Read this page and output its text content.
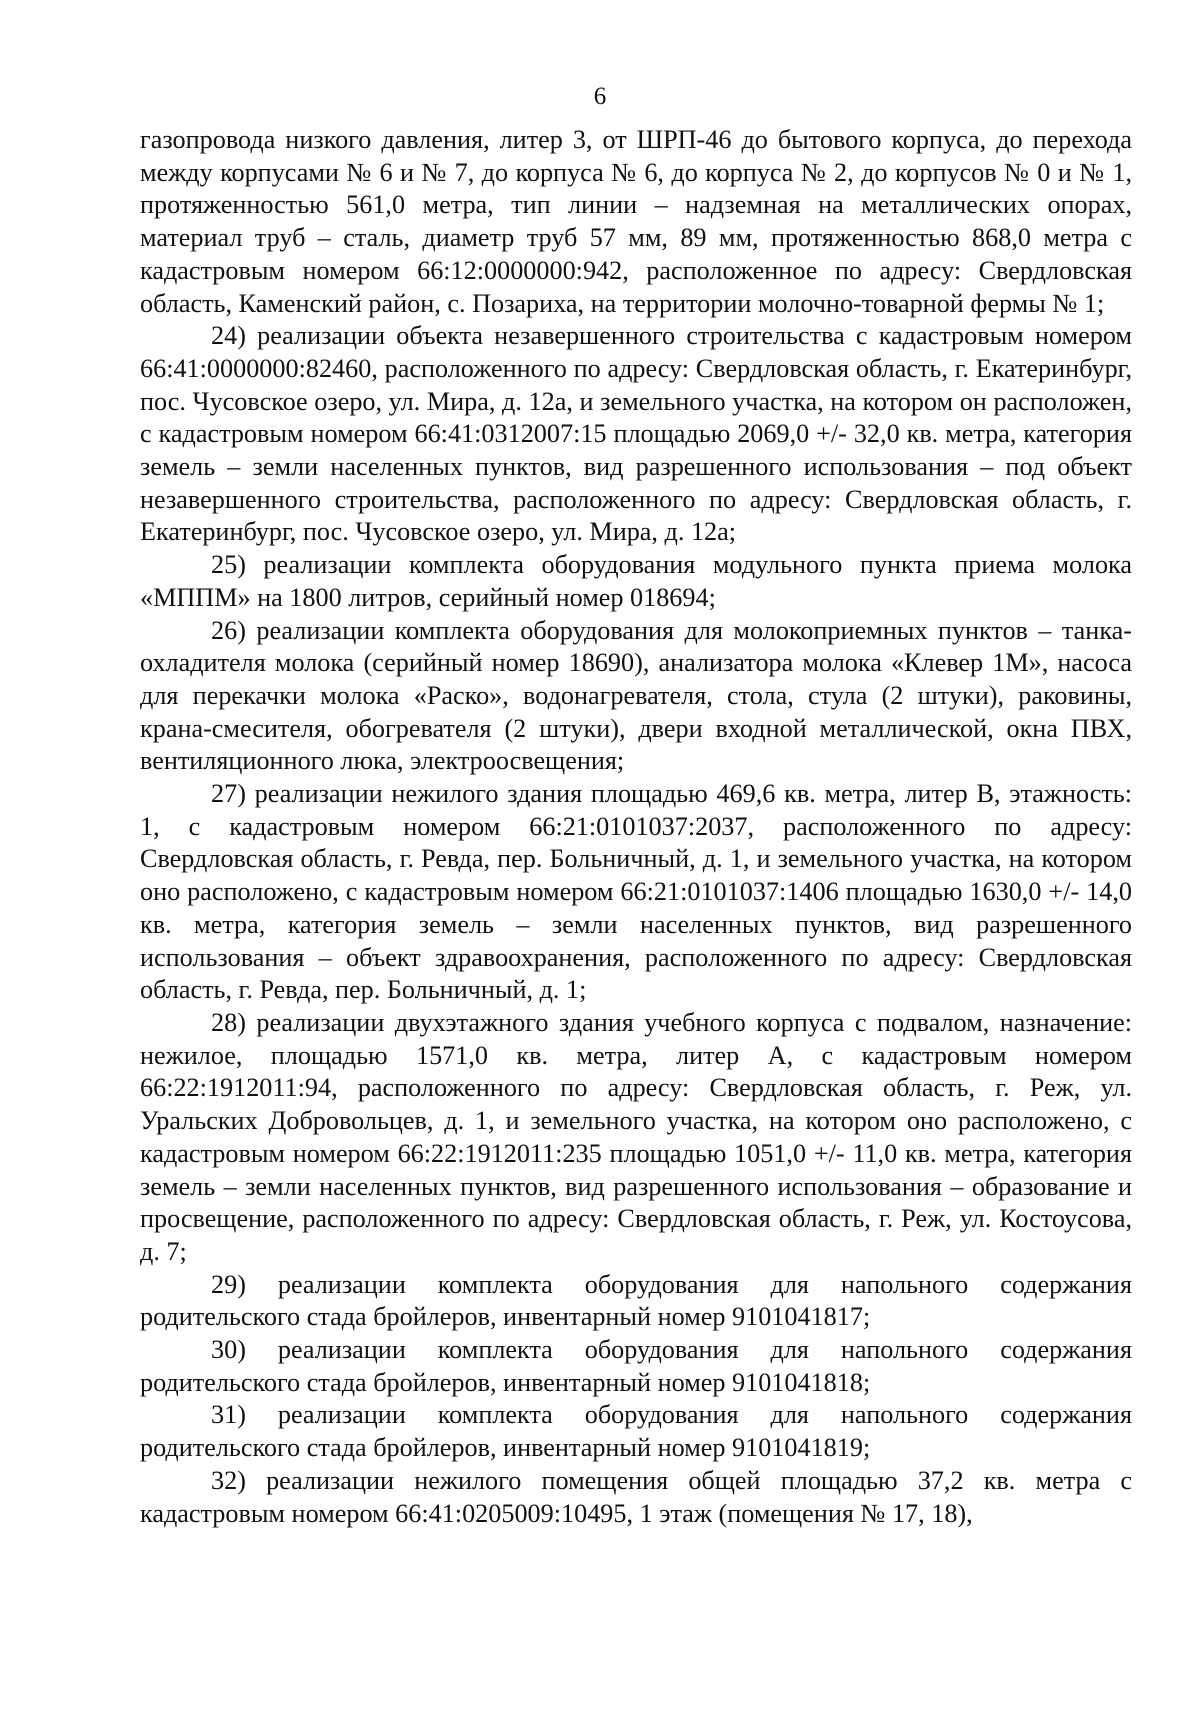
6

газопровода низкого давления, литер 3, от ШРП-46 до бытового корпуса, до перехода между корпусами № 6 и № 7, до корпуса № 6, до корпуса № 2, до корпусов № 0 и № 1, протяженностью 561,0 метра, тип линии – надземная на металлических опорах, материал труб – сталь, диаметр труб 57 мм, 89 мм, протяженностью 868,0 метра с кадастровым номером 66:12:0000000:942, расположенное по адресу: Свердловская область, Каменский район, с. Позариха, на территории молочно-товарной фермы № 1;

24) реализации объекта незавершенного строительства с кадастровым номером 66:41:0000000:82460, расположенного по адресу: Свердловская область, г. Екатеринбург, пос. Чусовское озеро, ул. Мира, д. 12а, и земельного участка, на котором он расположен, с кадастровым номером 66:41:0312007:15 площадью 2069,0 +/- 32,0 кв. метра, категория земель – земли населенных пунктов, вид разрешенного использования – под объект незавершенного строительства, расположенного по адресу: Свердловская область, г. Екатеринбург, пос. Чусовское озеро, ул. Мира, д. 12а;

25) реализации комплекта оборудования модульного пункта приема молока «МППМ» на 1800 литров, серийный номер 018694;

26) реализации комплекта оборудования для молокоприемных пунктов – танка-охладителя молока (серийный номер 18690), анализатора молока «Клевер 1М», насоса для перекачки молока «Раско», водонагревателя, стола, стула (2 штуки), раковины, крана-смесителя, обогревателя (2 штуки), двери входной металлической, окна ПВХ, вентиляционного люка, электроосвещения;

27) реализации нежилого здания площадью 469,6 кв. метра, литер В, этажность: 1, с кадастровым номером 66:21:0101037:2037, расположенного по адресу: Свердловская область, г. Ревда, пер. Больничный, д. 1, и земельного участка, на котором оно расположено, с кадастровым номером 66:21:0101037:1406 площадью 1630,0 +/- 14,0 кв. метра, категория земель – земли населенных пунктов, вид разрешенного использования – объект здравоохранения, расположенного по адресу: Свердловская область, г. Ревда, пер. Больничный, д. 1;

28) реализации двухэтажного здания учебного корпуса с подвалом, назначение: нежилое, площадью 1571,0 кв. метра, литер А, с кадастровым номером 66:22:1912011:94, расположенного по адресу: Свердловская область, г. Реж, ул. Уральских Добровольцев, д. 1, и земельного участка, на котором оно расположено, с кадастровым номером 66:22:1912011:235 площадью 1051,0 +/- 11,0 кв. метра, категория земель – земли населенных пунктов, вид разрешенного использования – образование и просвещение, расположенного по адресу: Свердловская область, г. Реж, ул. Костоусова, д. 7;

29) реализации комплекта оборудования для напольного содержания родительского стада бройлеров, инвентарный номер 9101041817;

30) реализации комплекта оборудования для напольного содержания родительского стада бройлеров, инвентарный номер 9101041818;

31) реализации комплекта оборудования для напольного содержания родительского стада бройлеров, инвентарный номер 9101041819;

32) реализации нежилого помещения общей площадью 37,2 кв. метра с кадастровым номером 66:41:0205009:10495, 1 этаж (помещения № 17, 18),
